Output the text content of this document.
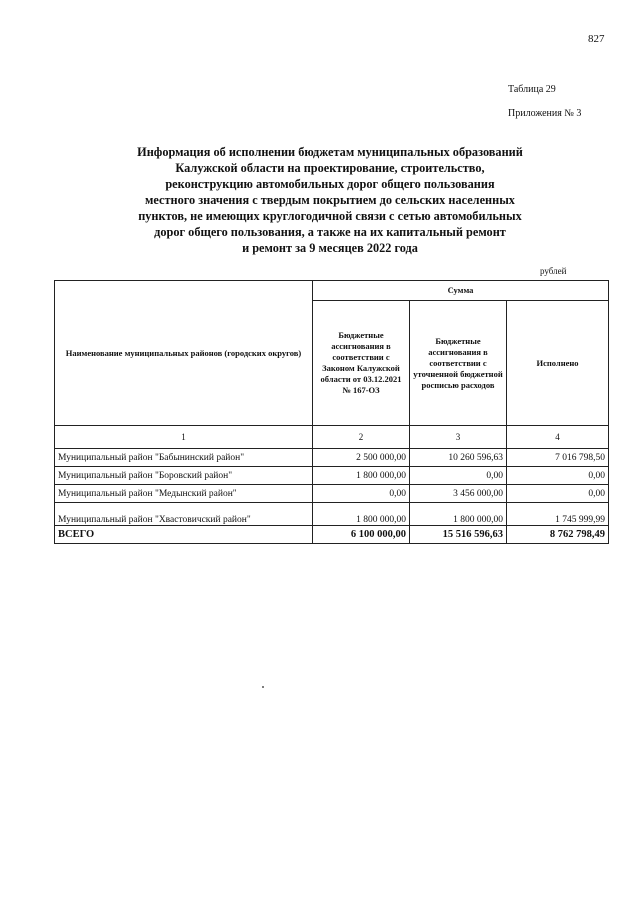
827
Таблица 29
Приложения № 3
Информация об исполнении бюджетам муниципальных образований
Калужской области на проектирование, строительство,
реконструкцию автомобильных дорог общего пользования
местного значения с твердым покрытием до сельских населенных
пунктов, не имеющих круглогодичной связи с сетью автомобильных
дорог общего пользования, а также на их капитальный ремонт
и ремонт за 9 месяцев 2022 года
рублей
Наименование муниципальных районов (городских округов)	Сумма		
	Бюджетные ассигнования в соответствии с Законом Калужской области от 03.12.2021 № 167-ОЗ	Бюджетные ассигнования в соответствии с уточненной бюджетной росписью расходов	Исполнено
1	2	3	4
Муниципальный район "Бабынинский район"	2 500 000,00	10 260 596,63	7 016 798,50
Муниципальный район "Боровский район"	1 800 000,00	0,00	0,00
Муниципальный район "Медынский район"	0,00	3 456 000,00	0,00
Муниципальный район "Хвастовичский район"	1 800 000,00	1 800 000,00	1 745 999,99
ВСЕГО	6 100 000,00	15 516 596,63	8 762 798,49
